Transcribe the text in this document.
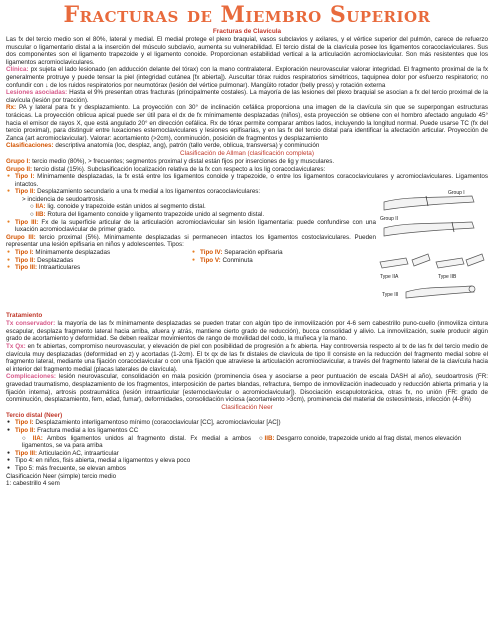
Fracturas de Miembro Superior
Fracturas de Clavícula

Las fx del tercio medio son el 80%, lateral y medial. El medial protege el plexo braquial, vasos subclavios y axilares, y el vértice superior del pulmón, carece de refuerzo muscular o ligamentario distal a la inserción del músculo subclavio, aumenta su vulnerabilidad. El tercio distal de la clavícula posee los ligamentos coracoclaviculares. Sus dos componentes son el ligamento trapezoide y el ligamento conoide. Proporcionan estabilidad vertical a la articulación acromioclavicular. Son más resistentes que los ligamentos acromioclaviculares.

Clínica: px sujeta el lado lesionado (en adducción delante del tórax) con la mano contralateral. Exploración neurovascular valorar integridad. El fragmento proximal de la fx generalmente protruye y puede tensar la piel (integridad cutánea [fx abierta]). Auscultar tórax ruidos respiratorios simétricos, taquipnea dolor por esfuerzo respiratorio; no confundir con ↓ de los ruidos respiratorios por neumotórax (lesión del vértice pulmonar). Mangüito rotador (belly press) y rotación externa

Lesiones asociadas: Hasta el 9% presentan otras fracturas (principalmente costales). La mayoría de las lesiones del plexo braquial se asocian a fx del tercio proximal de la clavícula (lesión por tracción).

Rx: PA y lateral para fx y desplazamiento. La proyección con 30° de inclinación cefálica proporciona una imagen de la clavícula sin que se superpongan estructuras torácicas. La proyección oblicua apical puede ser útil para el dx de fx mínimamente desplazadas (niños), esta proyección se obtiene con el hombro afectado angulado 45° hacia el emisor de rayos X, que está angulado 20° en dirección cefálica. Rx de tórax permite comparar ambos lados, incluyendo la longitud normal. Puede usarse TC (fx del tercio proximal), para distinguir entre luxaciones esternoclaviculares y lesiones epifisarias, y en las fx del tercio distal para identificar la afectación articular. Proyección de Zanca (art acromioclavicular). Valorar: acortamiento (>2cm), conminución, posición de fragmentos y desplazamiento

Clasificaciones: descriptiva anatomía (loc, desplaz, ang), patrón (tallo verde, oblicua, transversa) y conminución

Clasificación de Allman (clasificación completa)

Grupo I: tercio medio (80%), > frecuentes; segmentos proximal y distal están fijos por inserciones de lig y musculares.

Grupo II: tercio distal (15%). Subclasificación localización relativa de la fx con respecto a los lig coracoclaviculares:

● Tipo I: Mínimamente desplazadas, la fx está entre los ligamentos conoide y trapezoide, o entre los ligamentos coracoclaviculares y acromioclaviculares. Ligamentos intactos.
● Tipo II: Desplazamiento secundario a una fx medial a los ligamentos coracoclaviculares:
> incidencia de seudoartrosis.
○ IIA: lig. conoide y trapezoide están unidos al segmento distal.
○ IIB: Rotura del ligamento conoide y ligamento trapezoide unido al segmento distal.
● Tipo III: Fx de la superficie articular de la articulación acromioclavicular sin lesión ligamentaria: puede confundirse con una luxación acromioclavicular de primer grado.

Grupo III: tercio proximal (5%). Mínimamente desplazadas si permanecen intactos los ligamentos costoclaviculares. Pueden representar una lesión epifisaria en niños y adolescentes. Tipos:

● Tipo I: Mínimamente desplazadas
● Tipo II: Desplazadas
● Tipo III: Intraarticulares
● Tipo IV: Separación epifisaria
● Tipo V: Conminuta
Group I
Group II
Type IIA	Type IIB
Type III
Tratamiento

Tx conservador: la mayoría de las fx mínimamente desplazadas se pueden tratar con algún tipo de inmovilización por 4-6 sem cabestrillo puno-cuello (inmoviliza cintura escapular, desplaza fragmento lateral hacia arriba, afuera y atrás, mantiene cierto grado de reducción), bucca consolidad y alivio. La inmovilización, suele producir algún grado de acortamiento y deformidad. Se deben realizar movimientos de rango de movilidad del codo, la muñeca y la mano.

Tx Qx: en fx abiertas, compromiso neurovascular, y elevación de piel con posibilidad de progresión a fx abierta. Hay controversia respecto al tx de las fx del tercio medio de clavícula muy desplazadas (deformidad en z) y acortadas (1-2cm). El tx qx de las fx distales de clavícula de tipo II consiste en la reducción del fragmento medial sobre el fragmento lateral, mediante una fijación coracoclavicular o con una fijación que atraviese la articulación acromioclavicular, a través del fragmento lateral de la clavícula hacia el interior del fragmento medial (placas laterales de clavícula).

Complicaciones: lesión neurovascular, consolidación en mala posición (prominencia ósea y asociarse a peor puntuación de escala DASH al año), seudoartrosis (FR: gravedad traumatismo, desplazamiento de los fragmentos, interposición de partes blandas, refractura, tiempo de inmovilización inadecuado y reducción abierta primaria y la fijación interna), artrosis postraumática (lesión intraarticular [esternoclavicular o acromioclavicular]). Disociación escapulotorácica, otras fx, no unión (FR: grado de conminución, desplazamiento, fem, edad, fumar), deformidades, consolidación viciosa (acortamiento >3cm), prominencia del material de osteosíntesis, infección (4-8%)

Clasificación Neer
Tercio distal (Neer)
● Tipo I: Desplazamiento interligamentoso mínimo (coracoclavicular [CC], acromioclavicular [AC])
● Tipo II: Fractura medial a los ligamentos CC
○ IIA: Ambos ligamentos unidos al fragmento distal. Fx medial a ambos ligamentos, se va para arriba
○ IIB: Desgarro conoide, trapezoide unido al frag distal, menos elevación
● Tipo III: Articulación AC, intraarticular
● Tipo 4: en niños, fisis abierta, medial a ligamentos y eleva poco
● Tipo 5: más frecuente, se elevan ambos
Clasificación Neer (simple) tercio medio
1: cabestrillo 4 sem
